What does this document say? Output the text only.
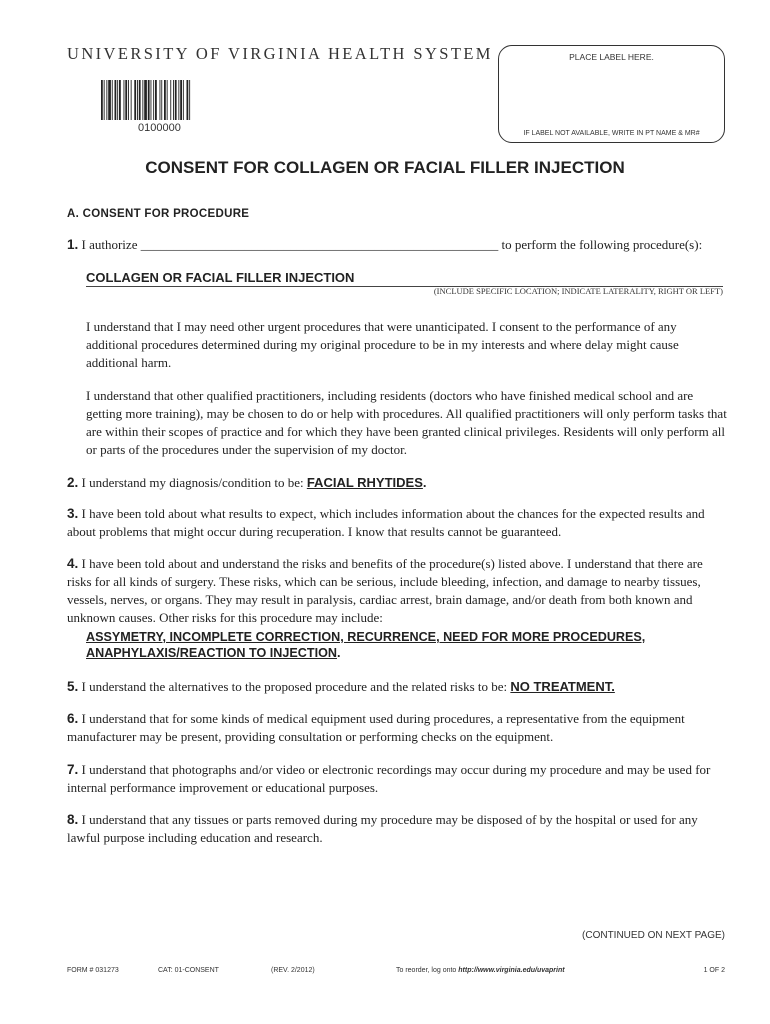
UNIVERSITY OF VIRGINIA HEALTH SYSTEM
0100000
PLACE LABEL HERE.
IF LABEL NOT AVAILABLE, WRITE IN PT NAME & MR#
CONSENT FOR COLLAGEN OR FACIAL FILLER INJECTION
A. CONSENT FOR PROCEDURE
1. I authorize _______________________________________________________ to perform the following procedure(s):
COLLAGEN OR FACIAL FILLER INJECTION
(INCLUDE SPECIFIC LOCATION; INDICATE LATERALITY, RIGHT OR LEFT)
I understand that I may need other urgent procedures that were unanticipated. I consent to the performance of any additional procedures determined during my original procedure to be in my interests and where delay might cause additional harm.
I understand that other qualified practitioners, including residents (doctors who have finished medical school and are getting more training), may be chosen to do or help with procedures. All qualified practitioners will only perform tasks that are within their scopes of practice and for which they have been granted clinical privileges. Residents will only perform all or parts of the procedures under the supervision of my doctor.
2. I understand my diagnosis/condition to be: FACIAL RHYTIDES.
3. I have been told about what results to expect, which includes information about the chances for the expected results and about problems that might occur during recuperation. I know that results cannot be guaranteed.
4. I have been told about and understand the risks and benefits of the procedure(s) listed above. I understand that there are risks for all kinds of surgery. These risks, which can be serious, include bleeding, infection, and damage to nearby tissues, vessels, nerves, or organs. They may result in paralysis, cardiac arrest, brain damage, and/or death from both known and unknown causes. Other risks for this procedure may include:
ASSYMETRY, INCOMPLETE CORRECTION, RECURRENCE, NEED FOR MORE PROCEDURES,
ANAPHYLAXIS/REACTION TO INJECTION.
5. I understand the alternatives to the proposed procedure and the related risks to be: NO TREATMENT.
6. I understand that for some kinds of medical equipment used during procedures, a representative from the equipment manufacturer may be present, providing consultation or performing checks on the equipment.
7. I understand that photographs and/or video or electronic recordings may occur during my procedure and may be used for internal performance improvement or educational purposes.
8. I understand that any tissues or parts removed during my procedure may be disposed of by the hospital or used for any lawful purpose including education and research.
(CONTINUED ON NEXT PAGE)
FORM # 031273	CAT: 01-CONSENT	(REV. 2/2012)	To reorder, log onto http://www.virginia.edu/uvaprint	1 OF 2
